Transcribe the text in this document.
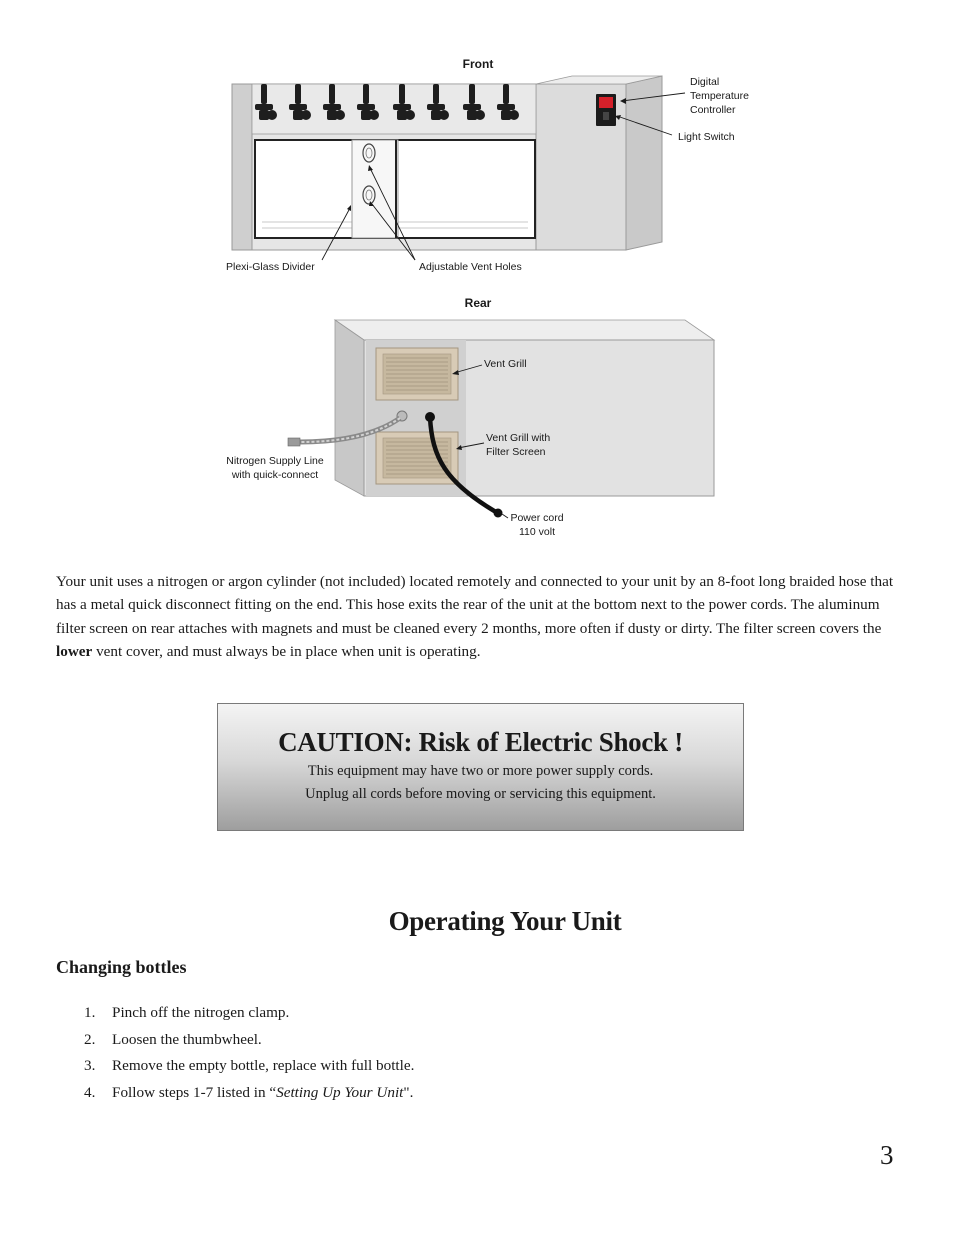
Front
Digital
Temperature
Controller
Light Switch
Plexi-Glass Divider	Adjustable Vent Holes
Rear
Vent Grill
Vent Grill with
Filter Screen
Nitrogen Supply Line
with quick-connect
Power cord
110 volt

Your unit uses a nitrogen or argon cylinder (not included) located remotely and connected to your unit by an 8-foot long braided hose that has a metal quick disconnect fitting on the end. This hose exits the rear of the unit at the bottom next to the power cords. The aluminum filter screen on rear attaches with magnets and must be cleaned every 2 months, more often if dusty or dirty. The filter screen covers the lower vent cover, and must always be in place when unit is operating.

CAUTION: Risk of Electric Shock !

This equipment may have two or more power supply cords.

Unplug all cords before moving or servicing this equipment.

Operating Your Unit
Changing bottles
1. Pinch off the nitrogen clamp.
2. Loosen the thumbwheel.
3. Remove the empty bottle, replace with full bottle.
4. Follow steps 1-7 listed in “Setting Up Your Unit".

3
